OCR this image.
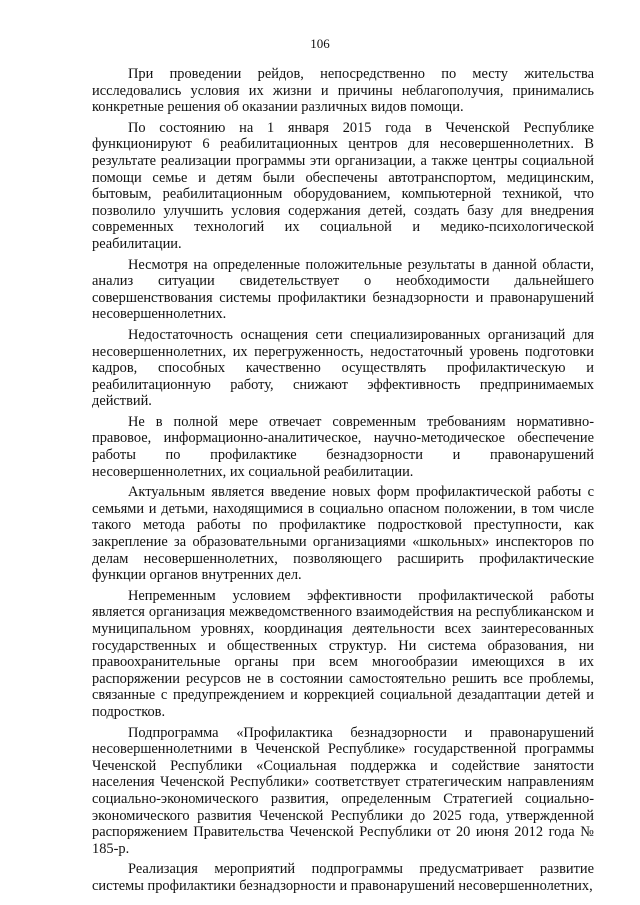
106

При проведении рейдов, непосредственно по месту жительства исследовались условия их жизни и причины неблагополучия, принимались конкретные решения об оказании различных видов помощи.

По состоянию на 1 января 2015 года в Чеченской Республике функционируют 6 реабилитационных центров для несовершеннолетних. В результате реализации программы эти организации, а также центры социальной помощи семье и детям были обеспечены автотранспортом, медицинским, бытовым, реабилитационным оборудованием, компьютерной техникой, что позволило улучшить условия содержания детей, создать базу для внедрения современных технологий их социальной и медико-психологической реабилитации.

Несмотря на определенные положительные результаты в данной области, анализ ситуации свидетельствует о необходимости дальнейшего совершенствования системы профилактики безнадзорности и правонарушений несовершеннолетних.

Недостаточность оснащения сети специализированных организаций для несовершеннолетних, их перегруженность, недостаточный уровень подготовки кадров, способных качественно осуществлять профилактическую и реабилитационную работу, снижают эффективность предпринимаемых действий.

Не в полной мере отвечает современным требованиям нормативно-правовое, информационно-аналитическое, научно-методическое обеспечение работы по профилактике безнадзорности и правонарушений несовершеннолетних, их социальной реабилитации.

Актуальным является введение новых форм профилактической работы с семьями и детьми, находящимися в социально опасном положении, в том числе такого метода работы по профилактике подростковой преступности, как закрепление за образовательными организациями «школьных» инспекторов по делам несовершеннолетних, позволяющего расширить профилактические функции органов внутренних дел.

Непременным условием эффективности профилактической работы является организация межведомственного взаимодействия на республиканском и муниципальном уровнях, координация деятельности всех заинтересованных государственных и общественных структур. Ни система образования, ни правоохранительные органы при всем многообразии имеющихся в их распоряжении ресурсов не в состоянии самостоятельно решить все проблемы, связанные с предупреждением и коррекцией социальной дезадаптации детей и подростков.

Подпрограмма «Профилактика безнадзорности и правонарушений несовершеннолетними в Чеченской Республике» государственной программы Чеченской Республики «Социальная поддержка и содействие занятости населения Чеченской Республики» соответствует стратегическим направлениям социально-экономического развития, определенным Стратегией социально-экономического развития Чеченской Республики до 2025 года, утвержденной распоряжением Правительства Чеченской Республики от 20 июня 2012 года № 185-р.

Реализация мероприятий подпрограммы предусматривает развитие системы профилактики безнадзорности и правонарушений несовершеннолетних,
